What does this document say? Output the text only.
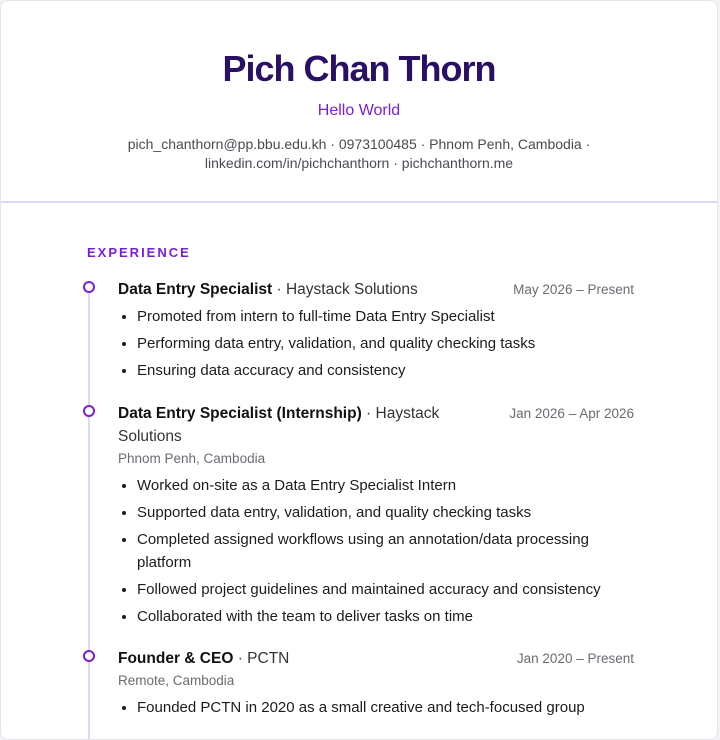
Pich Chan Thorn
Hello World
pich_chanthorn@pp.bbu.edu.kh · 0973100485 · Phnom Penh, Cambodia ·
linkedin.com/in/pichchanthorn · pichchanthorn.me
EXPERIENCE
Data Entry Specialist · Haystack Solutions	May 2026 – Present
• Promoted from intern to full-time Data Entry Specialist
• Performing data entry, validation, and quality checking tasks
• Ensuring data accuracy and consistency
Data Entry Specialist (Internship) · Haystack Solutions
Jan 2026 – Apr 2026
Phnom Penh, Cambodia
• Worked on-site as a Data Entry Specialist Intern
• Supported data entry, validation, and quality checking tasks
• Completed assigned workflows using an annotation/data processing platform
• Followed project guidelines and maintained accuracy and consistency
• Collaborated with the team to deliver tasks on time
Founder & CEO · PCTN	Jan 2020 – Present
Remote, Cambodia
• Founded PCTN in 2020 as a small creative and tech-focused group
